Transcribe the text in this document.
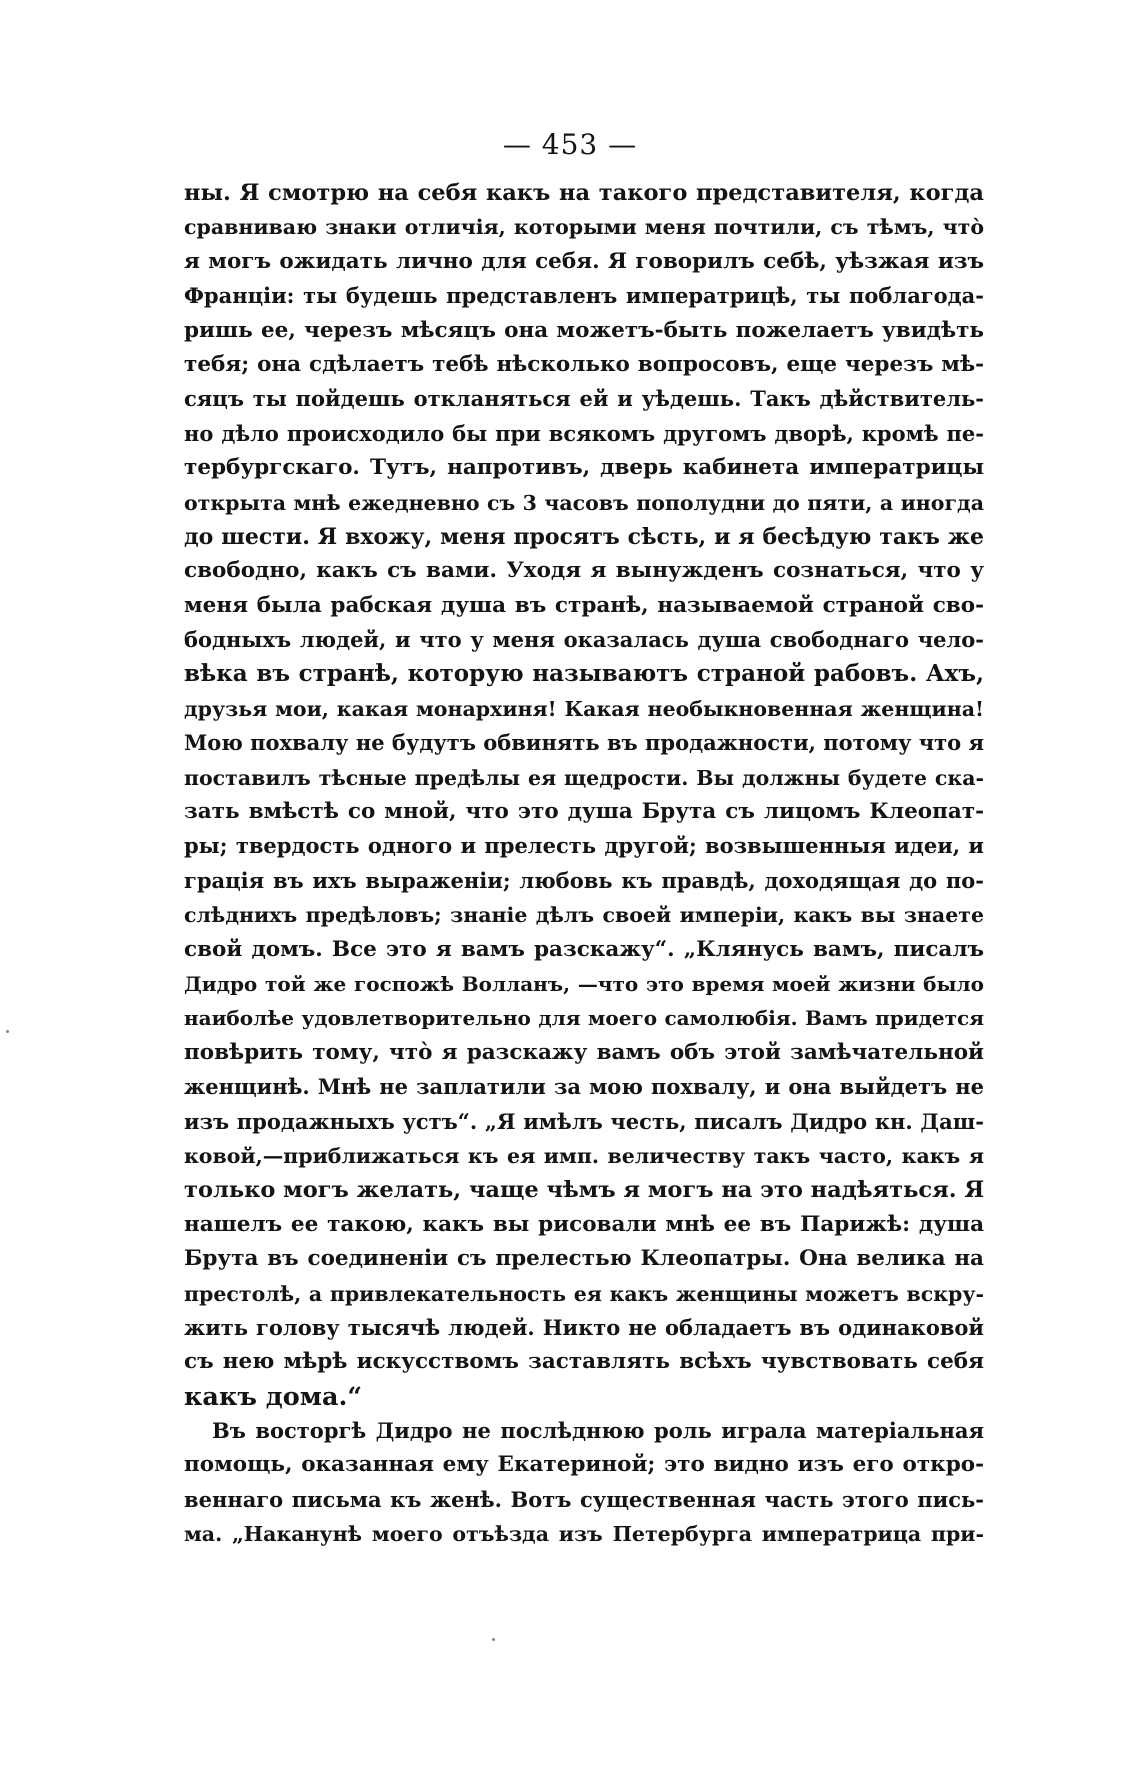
— 453 —
ны. Я смотрю на себя какъ на такого представителя, когда
сравниваю знаки отличія, которыми меня почтили, съ тѣмъ, что̀
я могъ ожидать лично для себя. Я говорилъ себѣ, уѣзжая изъ
Франціи: ты будешь представленъ императрицѣ, ты поблагода-
ришь ее, черезъ мѣсяцъ она можетъ-быть пожелаетъ увидѣть
тебя; она сдѣлаетъ тебѣ нѣсколько вопросовъ, еще черезъ мѣ-
сяцъ ты пойдешь откланяться ей и уѣдешь. Такъ дѣйствитель-
но дѣло происходило бы при всякомъ другомъ дворѣ, кромѣ пе-
тербургскаго. Тутъ, напротивъ, дверь кабинета императрицы
открыта мнѣ ежедневно съ 3 часовъ пополудни до пяти, а иногда
до шести. Я вхожу, меня просятъ сѣсть, и я бесѣдую такъ же
свободно, какъ съ вами. Уходя я вынужденъ сознаться, что у
меня была рабская душа въ странѣ, называемой страной сво-
бодныхъ людей, и что у меня оказалась душа свободнаго чело-
вѣка въ странѣ, которую называютъ страной рабовъ. Ахъ,
друзья мои, какая монархиня! Какая необыкновенная женщина!
Мою похвалу не будутъ обвинять въ продажности, потому что я
поставилъ тѣсные предѣлы ея щедрости. Вы должны будете ска-
зать вмѣстѣ со мной, что это душа Брута съ лицомъ Клеопат-
ры; твердость одного и прелесть другой; возвышенныя идеи, и
грація въ ихъ выраженіи; любовь къ правдѣ, доходящая до по-
слѣднихъ предѣловъ; знаніе дѣлъ своей имперіи, какъ вы знаете
свой домъ. Все это я вамъ разскажу“. „Клянусь вамъ, писалъ
Дидро той же госпожѣ Волланъ, —что это время моей жизни было
наиболѣе удовлетворительно для моего самолюбія. Вамъ придется
повѣрить тому, что̀ я разскажу вамъ объ этой замѣчательной
женщинѣ. Мнѣ не заплатили за мою похвалу, и она выйдетъ не
изъ продажныхъ устъ“. „Я имѣлъ честь, писалъ Дидро кн. Даш-
ковой,—приближаться къ ея имп. величеству такъ часто, какъ я
только могъ желать, чаще чѣмъ я могъ на это надѣяться. Я
нашелъ ее такою, какъ вы рисовали мнѣ ее въ Парижѣ: душа
Брута въ соединеніи съ прелестью Клеопатры. Она велика на
престолѣ, а привлекательность ея какъ женщины можетъ вскру-
жить голову тысячѣ людей. Никто не обладаетъ въ одинаковой
съ нею мѣрѣ искусствомъ заставлять всѣхъ чувствовать себя
какъ дома.“
Въ восторгѣ Дидро не послѣднюю роль играла матеріальная
помощь, оказанная ему Екатериной; это видно изъ его откро-
веннаго письма къ женѣ. Вотъ существенная часть этого пись-
ма. „Наканунѣ моего отъѣзда изъ Петербурга императрица при-
